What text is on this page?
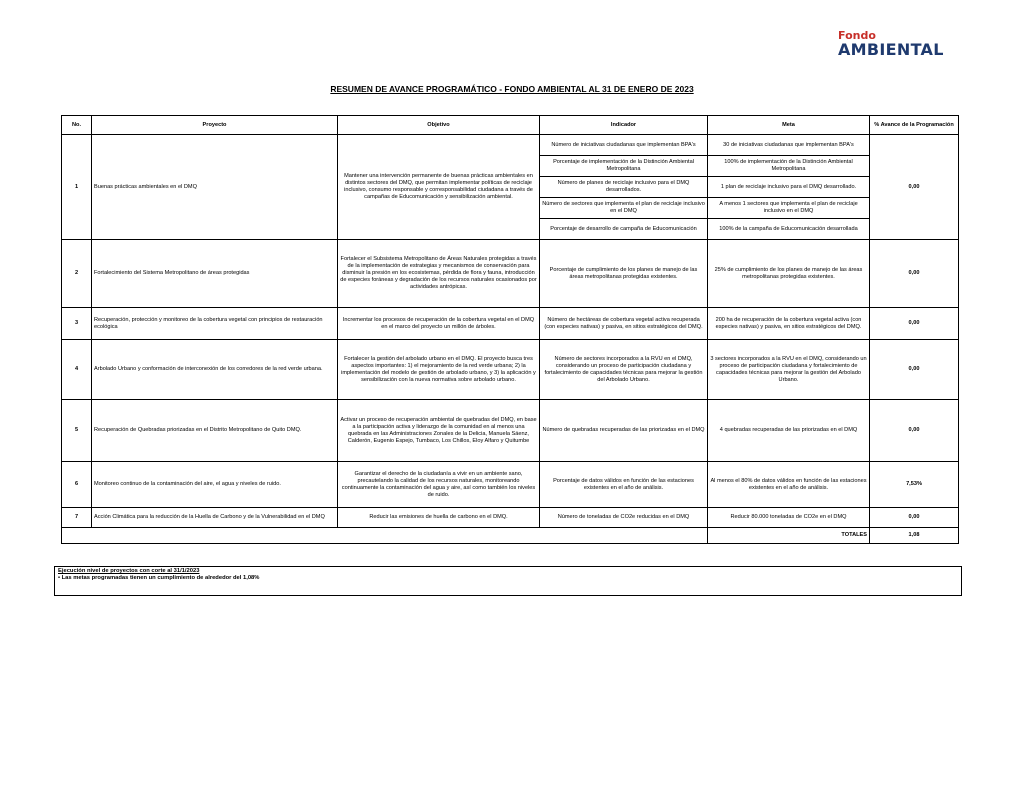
Fondo
AMBIENTAL
RESUMEN DE AVANCE PROGRAMÁTICO - FONDO AMBIENTAL AL 31 DE ENERO DE 2023
No.	Proyecto	Objetivo	Indicador	Meta	% Avance de la Programación
1	Buenas prácticas ambientales en el DMQ	Mantener una intervención permanente de buenas prácticas ambientales en distintos sectores del DMQ, que permitan implementar políticas de reciclaje inclusivo, consumo responsable y corresponsabilidad ciudadana a través de campañas de Educomunicación y sensibilización ambiental.	Número de iniciativas ciudadanas que implementan BPA's	30 de iniciativas ciudadanas que implementan BPA's	0,00
			Porcentaje de implementación de la Distinción Ambiental Metropolitana	100% de implementación de la Distinción Ambiental Metropolitana	
			Número de planes de reciclaje inclusivo para el DMQ desarrollados.	1 plan de reciclaje inclusivo para el DMQ desarrollado.	
			Número de sectores que implementa el plan de reciclaje inclusivo en el DMQ	A menos 1 sectores que implementa el plan de reciclaje inclusivo en el DMQ	
			Porcentaje de desarrollo de campaña de Educomunicación	100% de la campaña de Educomunicación desarrollada	
2	Fortalecimiento del Sistema Metropolitano de áreas protegidas	Fortalecer el Subsistema Metropolitano de Áreas Naturales protegidas a través de la implementación de estrategias y mecanismos de conservación para disminuir la presión en los ecosistemas, pérdida de flora y fauna, introducción de especies foráneas y degradación de los recursos naturales ocasionados por actividades antrópicas.	Porcentaje de cumplimiento de los planes de manejo de las áreas metropolitanas protegidas existentes.	25% de cumplimiento de los planes de manejo de las áreas metropolitanas protegidas existentes.	0,00
3	Recuperación, protección y monitoreo de la cobertura vegetal con principios de restauración ecológica	Incrementar los procesos de recuperación de la cobertura vegetal en el DMQ en el marco del proyecto un millón de árboles.	Número de hectáreas de cobertura vegetal activa recuperada (con especies nativas) y pasiva, en sitios estratégicos del DMQ.	200 ha de recuperación de la cobertura vegetal activa (con especies nativas) y pasiva, en sitios estratégicos del DMQ.	0,00
4	Arbolado Urbano y conformación de interconexión de los corredores de la red verde urbana.	Fortalecer la gestión del arbolado urbano en el DMQ. El proyecto busca tres aspectos importantes: 1) el mejoramiento de la red verde urbana; 2) la implementación del modelo de gestión de arbolado urbano, y 3) la aplicación y sensibilización con la nueva normativa sobre arbolado urbano.	Número de sectores incorporados a la RVU en el DMQ, considerando un proceso de participación ciudadana y fortalecimiento de capacidades técnicas para mejorar la gestión del Arbolado Urbano.	3 sectores incorporados a la RVU en el DMQ, considerando un proceso de participación ciudadana y fortalecimiento de capacidades técnicas para mejorar la gestión del Arbolado Urbano.	0,00
5	Recuperación de Quebradas priorizadas en el Distrito Metropolitano de Quito DMQ.	Activar un proceso de recuperación ambiental de quebradas del DMQ, en base a la participación activa y liderazgo de la comunidad en al menos una quebrada en las Administraciones Zonales de la Delicia, Manuela Sáenz, Calderón, Eugenio Espejo, Tumbaco, Los Chillos, Eloy Alfaro y Quitumbe	Número de quebradas recuperadas de las priorizadas en el DMQ	4 quebradas recuperadas de las priorizadas en el DMQ	0,00
6	Monitoreo continuo de la contaminación del aire, el agua y niveles de ruido.	Garantizar el derecho de la ciudadanía a vivir en un ambiente sano, precautelando la calidad de los recursos naturales, monitoreando continuamente la contaminación del agua y aire, así como también los niveles de ruido.	Porcentaje de datos válidos en función de las estaciones existentes en el año de análisis.	Al menos el 80% de datos válidos en función de las estaciones existentes en el año de análisis.	7,53%
7	Acción Climática para la reducción de la Huella de Carbono y de la Vulnerabilidad en el DMQ	Reducir las emisiones de huella de carbono en el DMQ.	Número de toneladas de CO2e reducidas en el DMQ	Reducir 80.000 toneladas de CO2e en el DMQ	0,00
				TOTALES	1,08
Ejecución nivel de proyectos con corte al 31/1/2023
• Las metas programadas tienen un cumplimiento de alrededor del 1,08%
